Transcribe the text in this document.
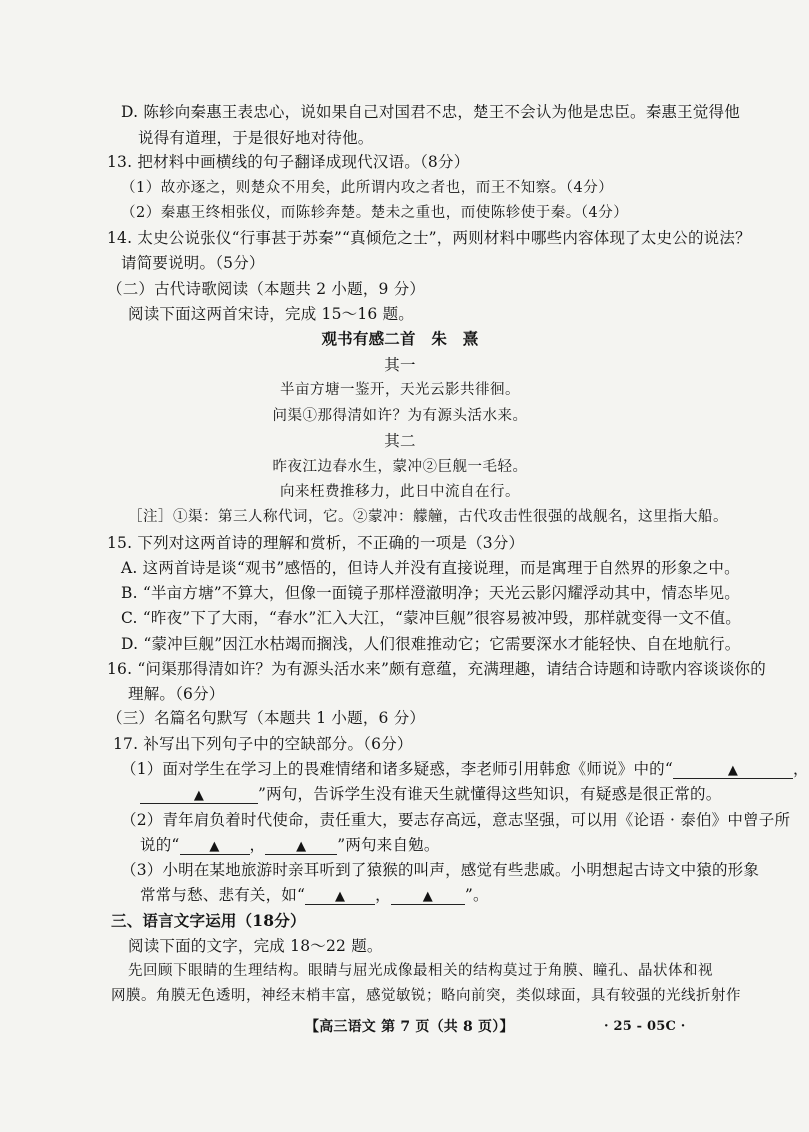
D. 陈轸向秦惠王表忠心，说如果自己对国君不忠，楚王不会认为他是忠臣。秦惠王觉得他
说得有道理，于是很好地对待他。
13. 把材料中画横线的句子翻译成现代汉语。（8分）
（1）故亦逐之，则楚众不用矣，此所谓内攻之者也，而王不知察。（4分）
（2）秦惠王终相张仪，而陈轸奔楚。楚未之重也，而使陈轸使于秦。（4分）
14. 太史公说张仪“行事甚于苏秦”“真倾危之士”，两则材料中哪些内容体现了太史公的说法？
请简要说明。（5分）
（二）古代诗歌阅读（本题共 2 小题，9 分）
阅读下面这两首宋诗，完成 15～16 题。
观书有感二首　朱　熹
其一
半亩方塘一鉴开，天光云影共徘徊。
问渠①那得清如许？为有源头活水来。
其二
昨夜江边春水生，蒙冲②巨舰一毛轻。
向来枉费推移力，此日中流自在行。
［注］①渠：第三人称代词，它。②蒙冲：艨艟，古代攻击性很强的战舰名，这里指大船。
15. 下列对这两首诗的理解和赏析，不正确的一项是（3分）
A. 这两首诗是谈“观书”感悟的，但诗人并没有直接说理，而是寓理于自然界的形象之中。
B. “半亩方塘”不算大，但像一面镜子那样澄澈明净；天光云影闪耀浮动其中，情态毕见。
C. “昨夜”下了大雨，“春水”汇入大江，“蒙冲巨舰”很容易被冲毁，那样就变得一文不值。
D. “蒙冲巨舰”因江水枯竭而搁浅，人们很难推动它；它需要深水才能轻快、自在地航行。
16. “问渠那得清如许？为有源头活水来”颇有意蕴，充满理趣，请结合诗题和诗歌内容谈谈你的
理解。（6分）
（三）名篇名句默写（本题共 1 小题，6 分）
17. 补写出下列句子中的空缺部分。（6分）
（1）面对学生在学习上的畏难情绪和诸多疑惑，李老师引用韩愈《师说》中的“	▲	，
▲	”两句，告诉学生没有谁天生就懂得这些知识，有疑惑是很正常的。
（2）青年肩负着时代使命，责任重大，要志存高远，意志坚强，可以用《论语 · 泰伯》中曾子所
说的“ ▲ ， ▲ ”两句来自勉。
（3）小明在某地旅游时亲耳听到了猿猴的叫声，感觉有些悲戚。小明想起古诗文中猿的形象
常常与愁、悲有关，如“ ▲ ， ▲ ”。
三、语言文字运用（18分）
阅读下面的文字，完成 18～22 题。
先回顾下眼睛的生理结构。眼睛与屈光成像最相关的结构莫过于角膜、瞳孔、晶状体和视
网膜。角膜无色透明，神经末梢丰富，感觉敏锐；略向前突，类似球面，具有较强的光线折射作
【高三语文 第 7 页（共 8 页）】	· 25 - 05C ·
